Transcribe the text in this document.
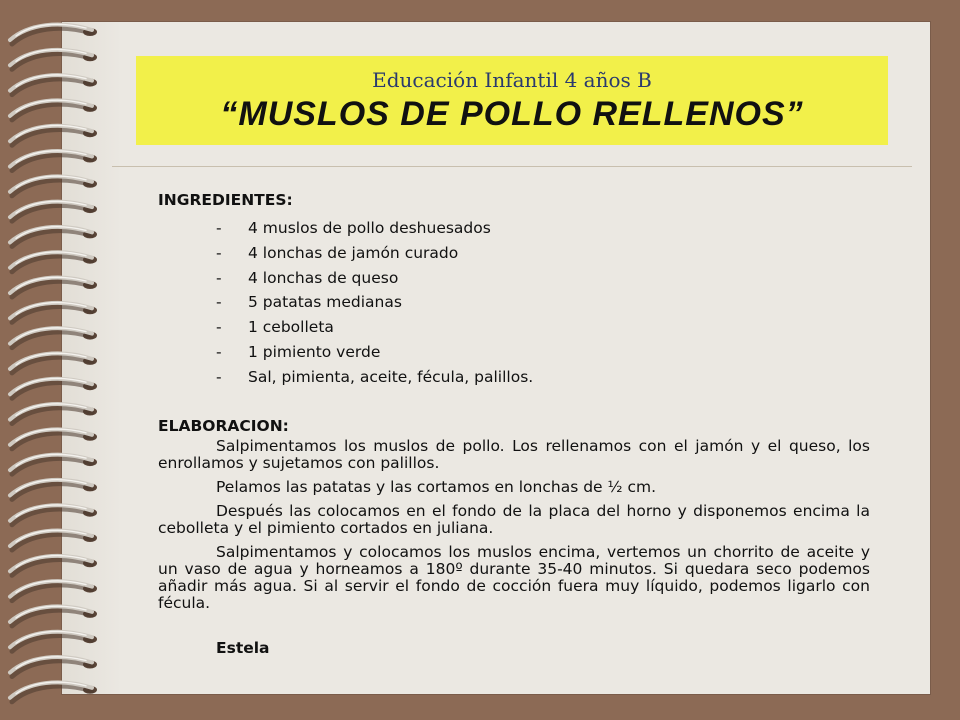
Educación Infantil 4 años B
“MUSLOS DE POLLO RELLENOS”

INGREDIENTES:

- 4 muslos de pollo deshuesados
- 4 lonchas de jamón curado
- 4 lonchas de queso
- 5 patatas medianas
- 1 cebolleta
- 1 pimiento verde
- Sal, pimienta, aceite, fécula, palillos.

ELABORACION:

Salpimentamos los muslos de pollo. Los rellenamos con el jamón y el queso, los enrollamos y sujetamos con palillos.

Pelamos las patatas y las cortamos en lonchas de ½ cm.

Después las colocamos en el fondo de la placa del horno y disponemos encima la cebolleta y el pimiento cortados en juliana.

Salpimentamos y colocamos los muslos encima, vertemos un chorrito de aceite y un vaso de agua y horneamos a 180º durante 35-40 minutos. Si quedara seco podemos añadir más agua. Si al servir el fondo de cocción fuera muy líquido, podemos ligarlo con fécula.

Estela
